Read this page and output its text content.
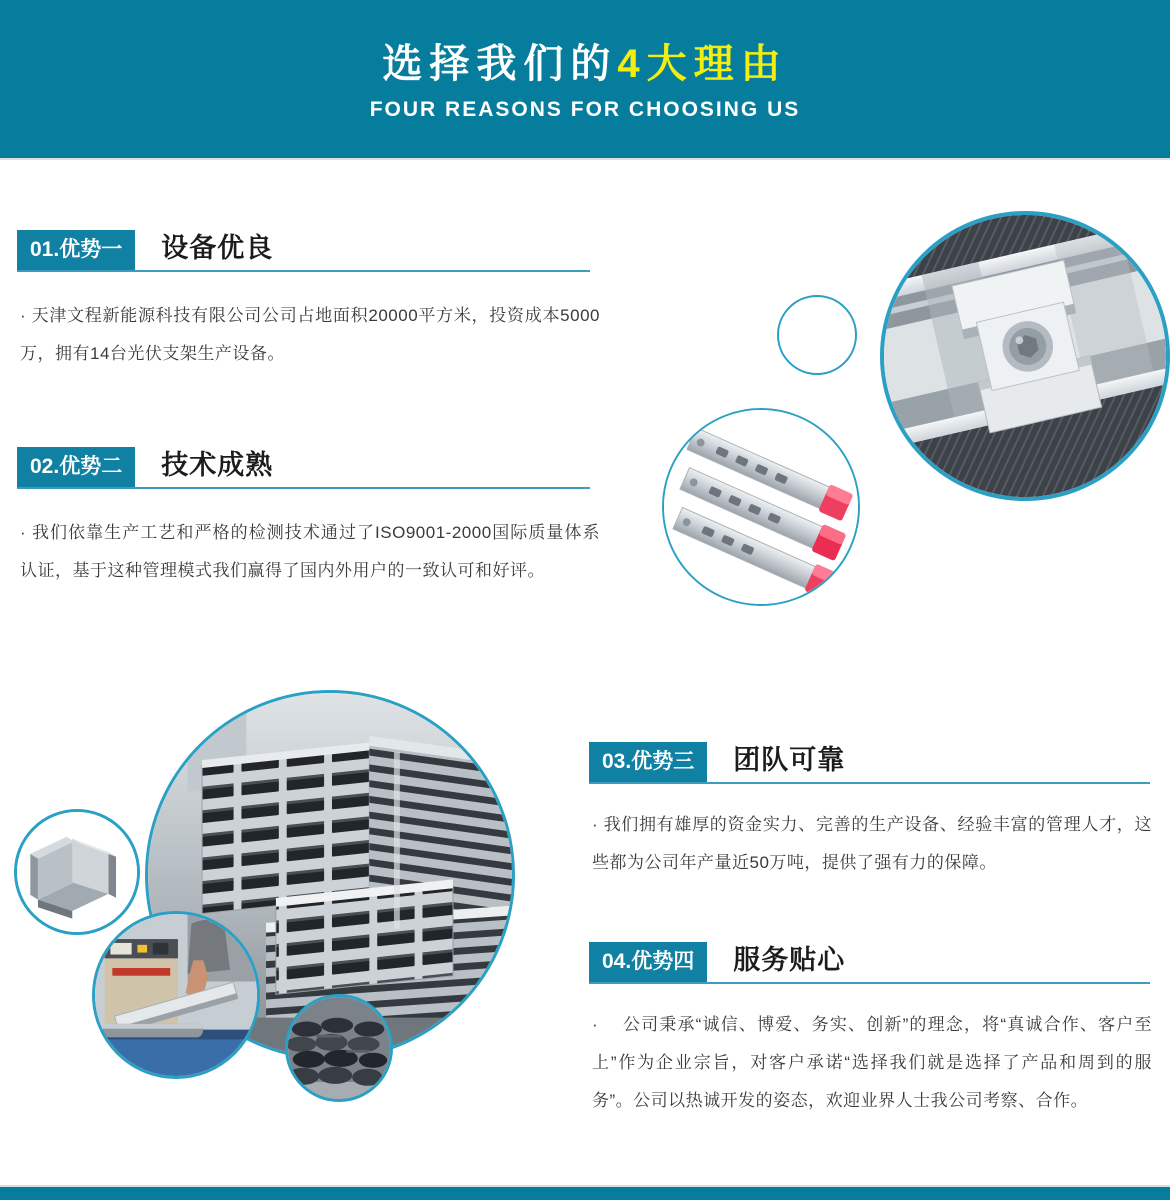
选择我们的4大理由
FOUR REASONS FOR CHOOSING US
01.优势一	设备优良
· 天津文程新能源科技有限公司公司占地面积20000平方米，投资成本5000万，拥有14台光伏支架生产设备。
02.优势二	技术成熟
· 我们依靠生产工艺和严格的检测技术通过了ISO9001-2000国际质量体系认证，基于这种管理模式我们赢得了国内外用户的一致认可和好评。
03.优势三	团队可靠
· 我们拥有雄厚的资金实力、完善的生产设备、经验丰富的管理人才，这些都为公司年产量近50万吨，提供了强有力的保障。
04.优势四	服务贴心
·　 公司秉承“诚信、博爱、务实、创新”的理念，将“真诚合作、客户至上”作为企业宗旨，对客户承诺“选择我们就是选择了产品和周到的服务”。公司以热诚开发的姿态，欢迎业界人士我公司考察、合作。
